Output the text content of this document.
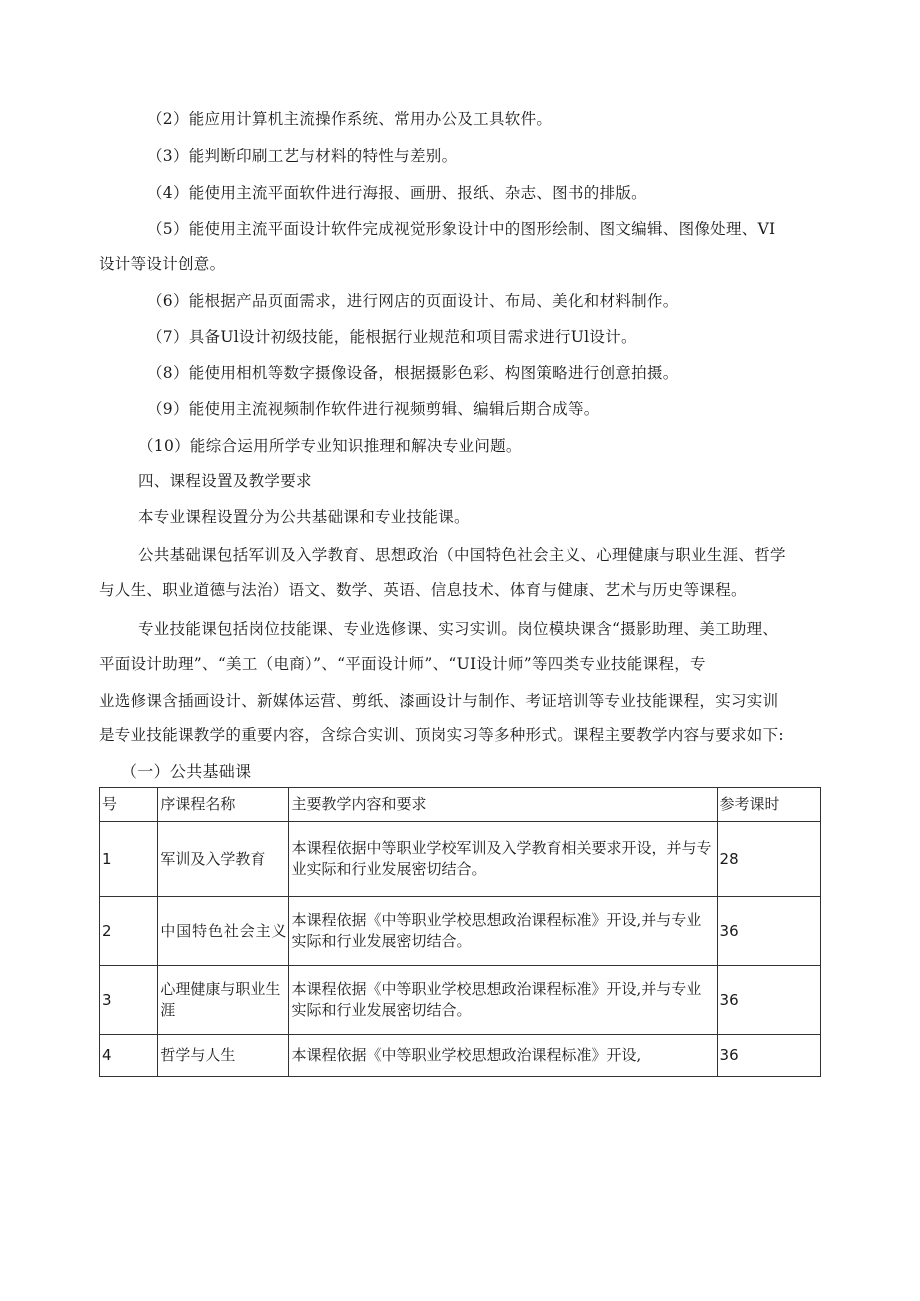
（2）能应用计算机主流操作系统、常用办公及工具软件。
（3）能判断印刷工艺与材料的特性与差别。
（4）能使用主流平面软件进行海报、画册、报纸、杂志、图书的排版。
（5）能使用主流平面设计软件完成视觉形象设计中的图形绘制、图文编辑、图像处理、VI
设计等设计创意。
（6）能根据产品页面需求，进行网店的页面设计、布局、美化和材料制作。
（7）具备Ul设计初级技能，能根据行业规范和项目需求进行Ul设计。
（8）能使用相机等数字摄像设备，根据摄影色彩、构图策略进行创意拍摄。
（9）能使用主流视频制作软件进行视频剪辑、编辑后期合成等。
（10）能综合运用所学专业知识推理和解决专业问题。
四、课程设置及教学要求
本专业课程设置分为公共基础课和专业技能课。
公共基础课包括军训及入学教育、思想政治（中国特色社会主义、心理健康与职业生涯、哲学
与人生、职业道德与法治）语文、数学、英语、信息技术、体育与健康、艺术与历史等课程。
专业技能课包括岗位技能课、专业选修课、实习实训。岗位模块课含“摄影助理、美工助理、
平面设计助理”、“美工（电商）”、“平面设计师”、“UI设计师”等四类专业技能课程，专
业选修课含插画设计、新媒体运营、剪纸、漆画设计与制作、考证培训等专业技能课程，实习实训
是专业技能课教学的重要内容，含综合实训、顶岗实习等多种形式。课程主要教学内容与要求如下:
（一）公共基础课
号	序课程名称	主要教学内容和要求	参考课时
1	军训及入学教育	本课程依据中等职业学校军训及入学教育相关要求开设，并与专业实际和行业发展密切结合。	28
2	中国特色社会主义	本课程依据《中等职业学校思想政治课程标准》开设,并与专业实际和行业发展密切结合。	36
3	心理健康与职业生涯	本课程依据《中等职业学校思想政治课程标准》开设,并与专业实际和行业发展密切结合。	36
4	哲学与人生	本课程依据《中等职业学校思想政治课程标准》开设,	36
